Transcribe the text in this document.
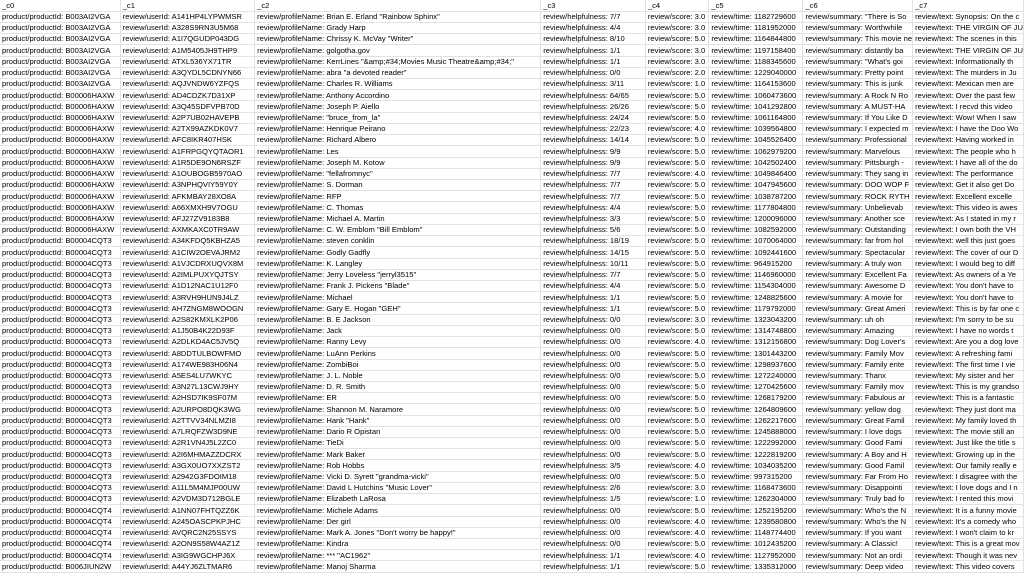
_c0	_c1	_c2	_c3	_c4	_c5	_c6	_c7
product/productId: B003AI2VGA	review/userId: A141HP4LYPWMSR	review/profileName: Brian E. Erland "Rainbow Sphinx"	review/helpfulness: 7/7	review/score: 3.0	review/time: 1182729600	review/summary: "There is So	review/text: Synopsis: On the c
product/productId: B003AI2VGA	review/userId: A328S9RN3U5M68	review/profileName: Grady Harp	review/helpfulness: 4/4	review/score: 3.0	review/time: 1181952000	review/summary: Worthwhile	review/text: THE VIRGIN OF JU
product/productId: B003AI2VGA	review/userId: A1I7QGUDP043DG	review/profileName: Chrissy K. McVay "Writer"	review/helpfulness: 8/10	review/score: 5.0	review/time: 1164844800	review/summary: This movie ne	review/text: The scenes in this
product/productId: B003AI2VGA	review/userId: A1M5405JH9THP9	review/profileName: golgotha.gov	review/helpfulness: 1/1	review/score: 3.0	review/time: 1197158400	review/summary: distantly ba	review/text: THE VIRGIN OF JU
product/productId: B003AI2VGA	review/userId: ATXL536YX71TR	review/profileName: KerrLines "&amp;#34;Movies Music Theatre&amp;#34;"	review/helpfulness: 1/1	review/score: 3.0	review/time: 1188345600	review/summary: "What's goi	review/text: Informationally th
product/productId: B003AI2VGA	review/userId: A3QYDL5CDNYN66	review/profileName: abra "a devoted reader"	review/helpfulness: 0/0	review/score: 2.0	review/time: 1229040000	review/summary: Pretty point	review/text: The murders in Ju
product/productId: B003AI2VGA	review/userId: AQJVNDW6YZFQS	review/profileName: Charles R. Williams	review/helpfulness: 3/11	review/score: 1.0	review/time: 1164153600	review/summary: This is junk	review/text: Mexican men are
product/productId: B00006HAXW	review/userId: AD4CDZK7D31XP	review/profileName: Anthony Accordino	review/helpfulness: 64/65	review/score: 5.0	review/time: 1060473600	review/summary: A Rock N Ro	review/text: Over the past few
product/productId: B00006HAXW	review/userId: A3Q45SDFVPB70D	review/profileName: Joseph P. Aiello	review/helpfulness: 26/26	review/score: 5.0	review/time: 1041292800	review/summary: A MUST-HA	review/text: I recvd this video
product/productId: B00006HAXW	review/userId: A2P7UB02HAVEPB	review/profileName: "bruce_from_la"	review/helpfulness: 24/24	review/score: 5.0	review/time: 1061164800	review/summary: If You Like D	review/text: Wow! When I saw
product/productId: B00006HAXW	review/userId: A2TX99AZKDK0V7	review/profileName: Henrique Peirano	review/helpfulness: 22/23	review/score: 4.0	review/time: 1039564800	review/summary: I expected m	review/text: I have the Doo Wo
product/productId: B00006HAXW	review/userId: AFC8IKR407HSK	review/profileName: Richard Albero	review/helpfulness: 14/14	review/score: 5.0	review/time: 1045526400	review/summary: Professional	review/text: Having worked in
product/productId: B00006HAXW	review/userId: A1FRPGQYQTAOR1	review/profileName: Les	review/helpfulness: 9/9	review/score: 5.0	review/time: 1062979200	review/summary: Marvelous	review/text: The people who h
product/productId: B00006HAXW	review/userId: A1R5DE9ON6RSZF	review/profileName: Joseph M. Kotow	review/helpfulness: 9/9	review/score: 5.0	review/time: 1042502400	review/summary: Pittsburgh -	review/text: I have all of the do
product/productId: B00006HAXW	review/userId: A1OUBOGB5970AO	review/profileName: "fellafromnyc"	review/helpfulness: 7/7	review/score: 4.0	review/time: 1049846400	review/summary: They sang in	review/text: The performance
product/productId: B00006HAXW	review/userId: A3NPHQVIY59Y0Y	review/profileName: S. Dorman	review/helpfulness: 7/7	review/score: 5.0	review/time: 1047945600	review/summary: DOO WOP F	review/text: Get it also get Do
product/productId: B00006HAXW	review/userId: AFKMBAY28XO8A	review/profileName: RFP	review/helpfulness: 7/7	review/score: 5.0	review/time: 1038787200	review/summary: ROCK RYTH	review/text: Excellent excelle
product/productId: B00006HAXW	review/userId: A66XMXH9V7OGU	review/profileName: C. Thomas	review/helpfulness: 4/4	review/score: 5.0	review/time: 1177804800	review/summary: Unbelievab	review/text: This video is awes
product/productId: B00006HAXW	review/userId: AFJ27ZV9183B8	review/profileName: Michael A. Martin	review/helpfulness: 3/3	review/score: 5.0	review/time: 1200096000	review/summary: Another sce	review/text: As I stated in my r
product/productId: B00006HAXW	review/userId: AXMKAXC0TR9AW	review/profileName: C. W. Emblom "Bill Emblom"	review/helpfulness: 5/6	review/score: 5.0	review/time: 1082592000	review/summary: Outstanding	review/text: I own both the VH
product/productId: B00004CQT3	review/userId: A34KFDQ5KBHZA5	review/profileName: steven conklin	review/helpfulness: 18/19	review/score: 5.0	review/time: 1070064000	review/summary: far from hol	review/text: well this just goes
product/productId: B00004CQT3	review/userId: A1CIW2OEVAJRM2	review/profileName: Godly Gadfly	review/helpfulness: 14/15	review/score: 5.0	review/time: 1092441600	review/summary: Spectacular	review/text: The cover of our D
product/productId: B00004CQT3	review/userId: A1VJCDRXUQVX8M	review/profileName: K. Langley	review/helpfulness: 10/11	review/score: 5.0	review/time: 964915200	review/summary: A truly won	review/text: I would beg to diff
product/productId: B00004CQT3	review/userId: A2IMLPUXYQJTSY	review/profileName: Jerry Loveless "jerryl3515"	review/helpfulness: 7/7	review/score: 5.0	review/time: 1146960000	review/summary: Excellent Fa	review/text: As owners of a Ye
product/productId: B00004CQT3	review/userId: A1D12NAC1U12F0	review/profileName: Frank J. Pickens "Blade"	review/helpfulness: 4/4	review/score: 5.0	review/time: 1154304000	review/summary: Awesome D	review/text: You don't have to
product/productId: B00004CQT3	review/userId: A3RVH9HUN9J4LZ	review/profileName: Michael	review/helpfulness: 1/1	review/score: 5.0	review/time: 1248825600	review/summary: A movie for	review/text: You don't have to
product/productId: B00004CQT3	review/userId: AH7ZNGM8WOOGN	review/profileName: Gary E. Hogan "GEH"	review/helpfulness: 1/1	review/score: 5.0	review/time: 1179792000	review/summary: Great Ameri	review/text: This is by far one c
product/productId: B00004CQT3	review/userId: A2S82KMXLK2P06	review/profileName: B. E Jackson	review/helpfulness: 0/0	review/score: 3.0	review/time: 1323043200	review/summary: uh oh	review/text: I'm sorry to be su
product/productId: B00004CQT3	review/userId: A1J50B4K22D93F	review/profileName: Jack	review/helpfulness: 0/0	review/score: 5.0	review/time: 1314748800	review/summary: Amazing	review/text: I have no words t
product/productId: B00004CQT3	review/userId: A2DLKD4AC5JV5Q	review/profileName: Ranny Levy	review/helpfulness: 0/0	review/score: 4.0	review/time: 1312156800	review/summary: Dog Lover's	review/text: Are you a dog love
product/productId: B00004CQT3	review/userId: A8DDTULBOWFMO	review/profileName: LuAnn Perkins	review/helpfulness: 0/0	review/score: 5.0	review/time: 1301443200	review/summary: Family Mov	review/text: A refreshing fami
product/productId: B00004CQT3	review/userId: A174WE983H06N4	review/profileName: ZombiBoi	review/helpfulness: 0/0	review/score: 5.0	review/time: 1298937600	review/summary: Family ente	review/text: The first time I vie
product/productId: B00004CQT3	review/userId: A5ES4LU7WKYC	review/profileName: J. L. Noble	review/helpfulness: 0/0	review/score: 5.0	review/time: 1272240000	review/summary: Thanx	review/text: My sister and her
product/productId: B00004CQT3	review/userId: A3N27L13CWJ9HY	review/profileName: D. R. Smith	review/helpfulness: 0/0	review/score: 5.0	review/time: 1270425600	review/summary: Family mov	review/text: This is my grandso
product/productId: B00004CQT3	review/userId: A2HSD7IK9SF07M	review/profileName: ER	review/helpfulness: 0/0	review/score: 5.0	review/time: 1268179200	review/summary: Fabulous ar	review/text: This is a fantastic
product/productId: B00004CQT3	review/userId: A2URPO8DQK3WG	review/profileName: Shannon M. Naramore	review/helpfulness: 0/0	review/score: 5.0	review/time: 1264809600	review/summary: yellow dog	review/text: They just dont ma
product/productId: B00004CQT3	review/userId: A2TTVV34NLMZI8	review/profileName: Hank "Hank"	review/helpfulness: 0/0	review/score: 5.0	review/time: 1262217600	review/summary: Great Famil	review/text: My family loved th
product/productId: B00004CQT3	review/userId: A7LRQFZW3D9NE	review/profileName: Dario R Opistan	review/helpfulness: 0/0	review/score: 5.0	review/time: 1245888000	review/summary: I love dogs	review/text: The movie still an
product/productId: B00004CQT3	review/userId: A2R1VN4J5L2ZC0	review/profileName: TieDi	review/helpfulness: 0/0	review/score: 5.0	review/time: 1222992000	review/summary: Good Fami	review/text: Just like the title s
product/productId: B00004CQT3	review/userId: A2I6MHMAZZDCRX	review/profileName: Mark Baker	review/helpfulness: 0/0	review/score: 5.0	review/time: 1222819200	review/summary: A Boy and H	review/text: Growing up in the
product/productId: B00004CQT3	review/userId: A3GX0UO7XXZST2	review/profileName: Rob Hobbs	review/helpfulness: 3/5	review/score: 4.0	review/time: 1034035200	review/summary: Good Famil	review/text: Our family really e
product/productId: B00004CQT3	review/userId: A2942G3FDOIM18	review/profileName: Vicki D. Syrett "grandma-vicki"	review/helpfulness: 0/0	review/score: 5.0	review/time: 997315200	review/summary: Far From Ho	review/text: I disagree with the
product/productId: B00004CQT3	review/userId: A11L5M4MJP00UW	review/profileName: David L Hutchins "Music Lover"	review/helpfulness: 2/6	review/score: 3.0	review/time: 1168473600	review/summary: Disappointi	review/text: I love dogs and I n
product/productId: B00004CQT3	review/userId: A2VDM3D712BGLE	review/profileName: Elizabeth LaRosa	review/helpfulness: 1/5	review/score: 1.0	review/time: 1262304000	review/summary: Truly bad fo	review/text: I rented this movi
product/productId: B00004CQT4	review/userId: A1NN07FHTQZZ6K	review/profileName: Michele Adams	review/helpfulness: 0/0	review/score: 5.0	review/time: 1252195200	review/summary: Who's the N	review/text: It is a funny movie
product/productId: B00004CQT4	review/userId: A245OASCPKPJHC	review/profileName: Der girl	review/helpfulness: 0/0	review/score: 4.0	review/time: 1239580800	review/summary: Who's the N	review/text: It's a comedy who
product/productId: B00004CQT4	review/userId: AVQRC2N25SSYS	review/profileName: Mark A. Jones "Don't worry be happy!"	review/helpfulness: 0/0	review/score: 4.0	review/time: 1148774400	review/summary: If you want	review/text: I won't claim to kr
product/productId: B00004CQT4	review/userId: A2ON9S58W4AZ1Z	review/profileName: Kindra	review/helpfulness: 0/0	review/score: 5.0	review/time: 1012435200	review/summary: A Classic!	review/text: This is a great mov
product/productId: B00004CQT4	review/userId: A3IG9WGCHPJ6X	review/profileName: *** "AC1962"	review/helpfulness: 1/1	review/score: 4.0	review/time: 1127952000	review/summary: Not an ordi	review/text: Though it was nev
product/productId: B006JIUN2W	review/userId: A44YJ6ZLTMAR6	review/profileName: Manoj Sharma	review/helpfulness: 1/1	review/score: 5.0	review/time: 1335312000	review/summary: Deep video	review/text: This video covers
